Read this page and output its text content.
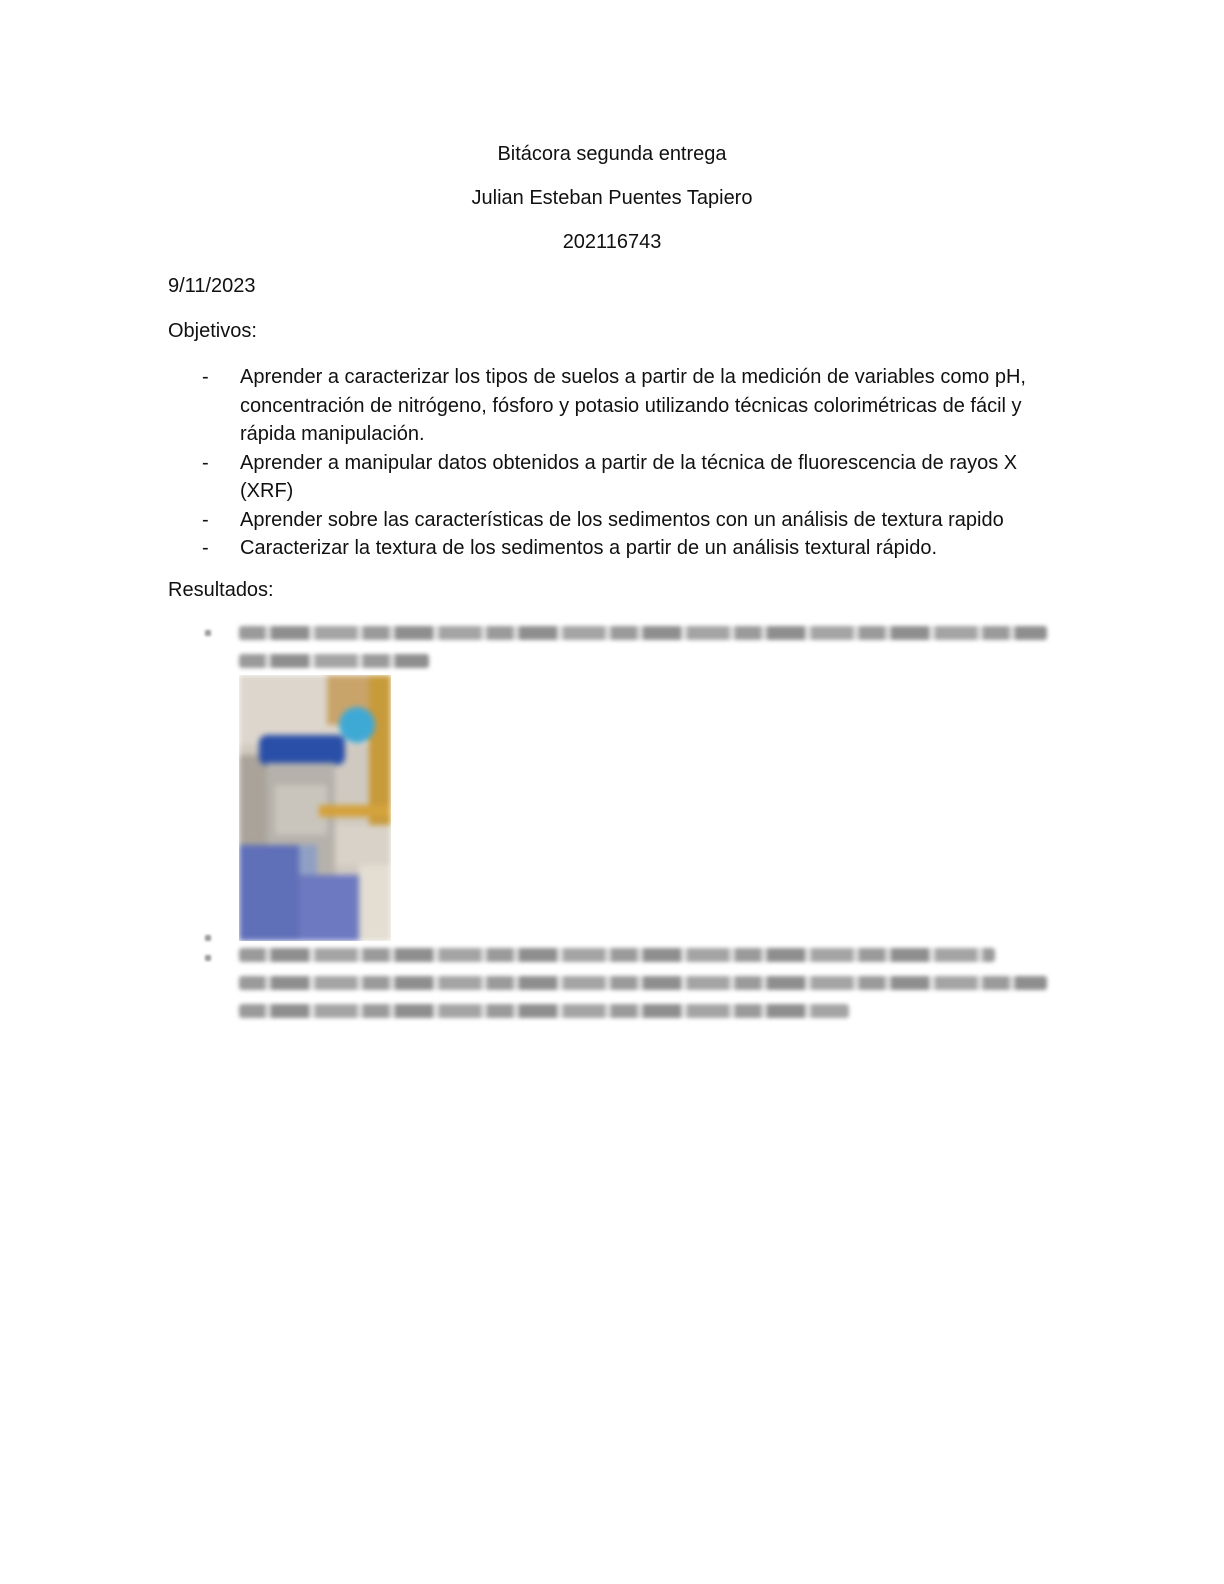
Bitácora segunda entrega
Julian Esteban Puentes Tapiero
202116743
9/11/2023
Objetivos:
- Aprender a caracterizar los tipos de suelos a partir de la medición de variables como pH, concentración de nitrógeno, fósforo y potasio utilizando técnicas colorimétricas de fácil y rápida manipulación.
- Aprender a manipular datos obtenidos a partir de la técnica de fluorescencia de rayos X (XRF)
- Aprender sobre las características de los sedimentos con un análisis de textura rapido
- Caracterizar la textura de los sedimentos a partir de un análisis textural rápido.
Resultados:
